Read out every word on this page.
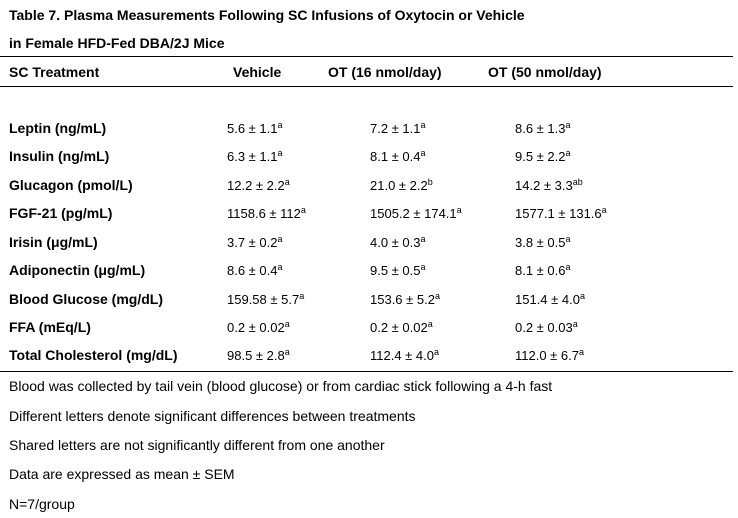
Table 7. Plasma Measurements Following SC Infusions of Oxytocin or Vehicle
in Female HFD-Fed DBA/2J Mice
SC Treatment	Vehicle	OT (16 nmol/day)	OT (50 nmol/day)
Leptin (ng/mL)	5.6 ± 1.1$^a$	7.2 ± 1.1$^a$	8.6 ± 1.3$^a$
Insulin (ng/mL)	6.3 ± 1.1$^a$	8.1 ± 0.4$^a$	9.5 ± 2.2$^a$
Glucagon (pmol/L)	12.2 ± 2.2$^a$	21.0 ± 2.2$^b$	14.2 ± 3.3$^{ab}$
FGF-21 (pg/mL)	$1158.6 \pm 112^a$	1505.2 ± 174.1$^a$	1577.1 ± 131.6$^a$
Irisin (μg/mL)	3.7 ± 0.2$^a$	4.0 ± 0.3$^a$	3.8 ± 0.5$^a$
Adiponectin (μg/mL)	8.6 ± 0.4$^a$	9.5 ± 0.5$^a$	8.1 ± 0.6$^a$
Blood Glucose (mg/dL)	159.58 ± 5.7$^a$	153.6 ± 5.2$^a$	151.4 ± 4.0$^a$
FFA (mEq/L)	0.2 ± 0.02$^a$	0.2 ± 0.02$^a$	0.2 ± 0.03$^a$
Total Cholesterol (mg/dL)	98.5 ± 2.8$^a$	112.4 ± 4.0$^a$	112.0 ± 6.7$^a$
Blood was collected by tail vein (blood glucose) or from cardiac stick following a 4-h fast
Different letters denote significant differences between treatments
Shared letters are not significantly different from one another
Data are expressed as mean ± SEM
N=7/group
